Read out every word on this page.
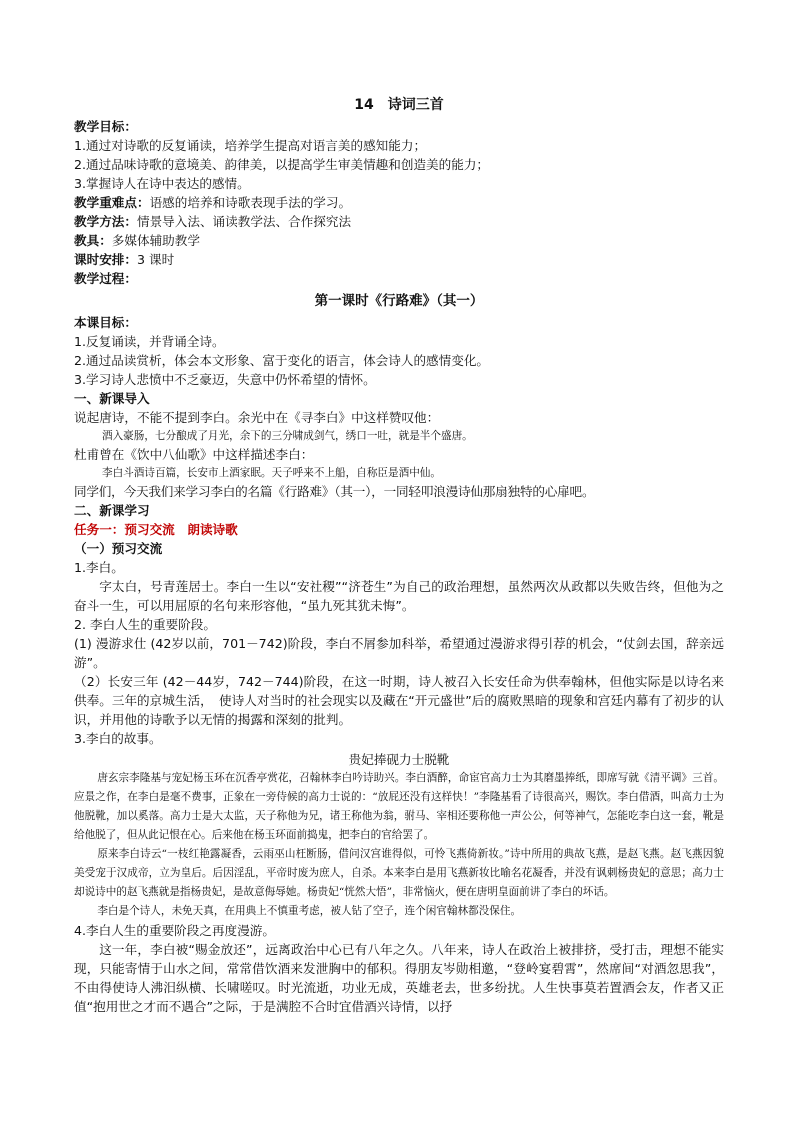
14　诗词三首

教学目标：

1.通过对诗歌的反复诵读，培养学生提高对语言美的感知能力；

2.通过品味诗歌的意境美、韵律美，以提高学生审美情趣和创造美的能力；

3.掌握诗人在诗中表达的感情。

教学重难点：语感的培养和诗歌表现手法的学习。

教学方法：情景导入法、诵读教学法、合作探究法

教具：多媒体辅助教学

课时安排：3 课时

教学过程：

第一课时《行路难》（其一）

本课目标：

1.反复诵读，并背诵全诗。

2.通过品读赏析，体会本文形象、富于变化的语言，体会诗人的感情变化。

3.学习诗人悲愤中不乏豪迈，失意中仍怀希望的情怀。

一、新课导入

说起唐诗，不能不提到李白。余光中在《寻李白》中这样赞叹他：

酒入豪肠，七分酿成了月光，余下的三分啸成剑气，绣口一吐，就是半个盛唐。

杜甫曾在《饮中八仙歌》中这样描述李白：

李白斗酒诗百篇，长安市上酒家眠。天子呼来不上船，自称臣是酒中仙。

同学们，今天我们来学习李白的名篇《行路难》（其一），一同轻叩浪漫诗仙那扇独特的心扉吧。

二、新课学习

任务一：预习交流　朗读诗歌

（一）预习交流

1.李白。

字太白，号青莲居士。李白一生以“安社稷”“济苍生”为自己的政治理想，虽然两次从政都以失败告终，但他为之奋斗一生，可以用屈原的名句来形容他，“虽九死其犹未悔”。

2. 李白人生的重要阶段。

(1) 漫游求仕 (42岁以前，701－742)阶段，李白不屑参加科举，希望通过漫游求得引荐的机会，“仗剑去国，辞亲远游”。

（2）长安三年 (42－44岁，742－744)阶段，在这一时期，诗人被召入长安任命为供奉翰林，但他实际是以诗名来供奉。三年的京城生活，　使诗人对当时的社会现实以及藏在“开元盛世”后的腐败黑暗的现象和宫廷内幕有了初步的认识，并用他的诗歌予以无情的揭露和深刻的批判。

3.李白的故事。

贵妃捧砚力士脱靴

唐玄宗李隆基与宠妃杨玉环在沉香亭赏花，召翰林李白吟诗助兴。李白酒醉，命宦官高力士为其磨墨捧纸，即席写就《清平调》三首。应景之作，在李白是毫不费事，正象在一旁侍候的高力士说的：“放屁还没有这样快！”李隆基看了诗很高兴，赐饮。李白借酒，叫高力士为他脱靴，加以奚落。高力士是大太监，天子称他为兄，诸王称他为翁，驸马、宰相还要称他一声公公，何等神气，怎能吃李白这一套，靴是给他脱了，但从此记恨在心。后来他在杨玉环面前捣鬼，把李白的官给罢了。

原来李白诗云“一枝红艳露凝香，云雨巫山枉断肠，借问汉宫谁得似，可怜飞燕倚新妆。”诗中所用的典故飞燕，是赵飞燕。赵飞燕因貌美受宠于汉成帝，立为皇后。后因淫乱，平帝时废为庶人，自杀。本来李白是用飞燕新妆比喻名花凝香，并没有讽刺杨贵妃的意思；高力士却说诗中的赵飞燕就是指杨贵妃，是故意侮辱她。杨贵妃“恍然大悟”，非常恼火，便在唐明皇面前讲了李白的坏话。

李白是个诗人，未免天真，在用典上不慎重考虑，被人钻了空子，连个闲官翰林都没保住。

4.李白人生的重要阶段之再度漫游。

这一年，李白被“赐金放还”，远离政治中心已有八年之久。八年来，诗人在政治上被排挤，受打击，理想不能实现，只能寄情于山水之间，常常借饮酒来发泄胸中的郁积。得朋友岑勋相邀，“登岭宴碧霄”，然席间“对酒忽思我”，不由得使诗人沸汨纵横、长啸嗟叹。时光流逝，功业无成，英雄老去，世多纷扰。人生快事莫若置酒会友，作者又正值“抱用世之才而不遇合”之际，于是满腔不合时宜借酒兴诗情，以抒
